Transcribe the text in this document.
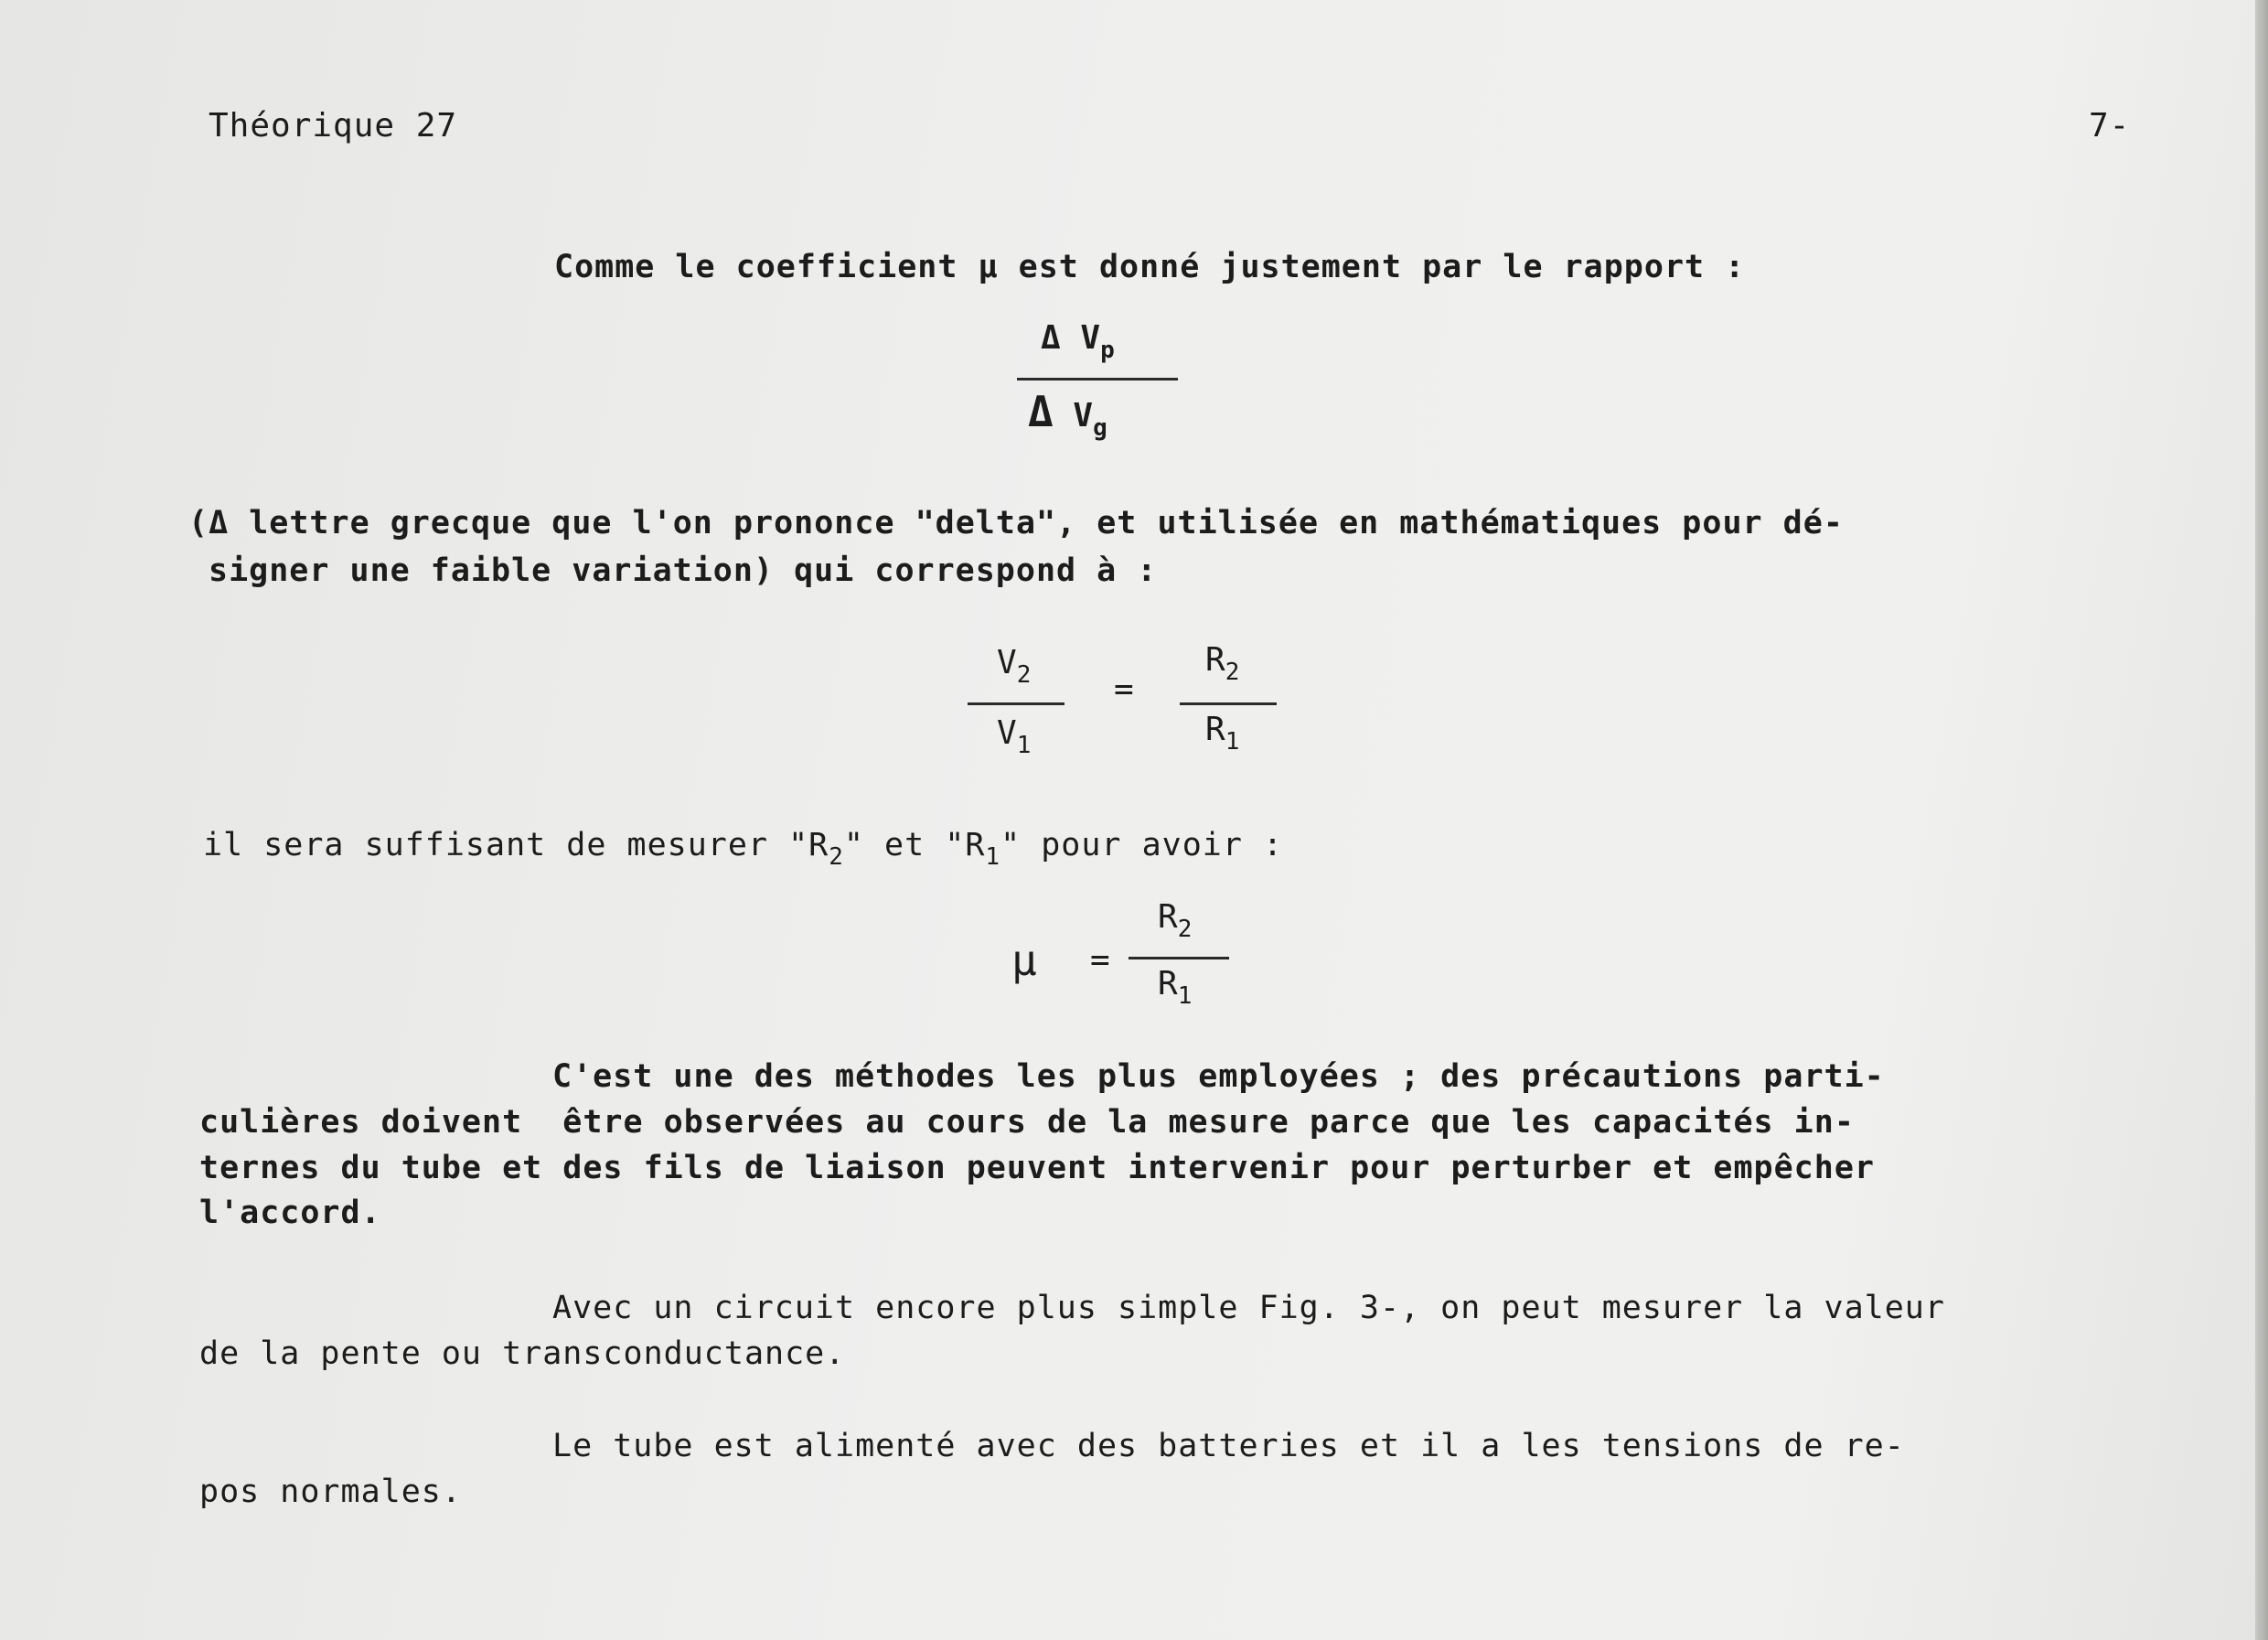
Théorique 27	7-
Comme le coefficient μ est donné justement par le rapport :
Δ $V_p$
Δ $V_g$
(Δ lettre grecque que l'on prononce "delta", et utilisée en mathématiques pour dé-
signer une faible variation) qui correspond à :
$V_2$
$V_1$
=
$R_2$
$R_1$
il sera suffisant de mesurer "$R_2$" et "$R_1$" pour avoir :
μ =
$R_2$
$R_1$
C'est une des méthodes les plus employées ; des précautions parti-
culières doivent  être observées au cours de la mesure parce que les capacités in-
ternes du tube et des fils de liaison peuvent intervenir pour perturber et empêcher
l'accord.
Avec un circuit encore plus simple Fig. 3-, on peut mesurer la valeur
de la pente ou transconductance.
Le tube est alimenté avec des batteries et il a les tensions de re-
pos normales.
